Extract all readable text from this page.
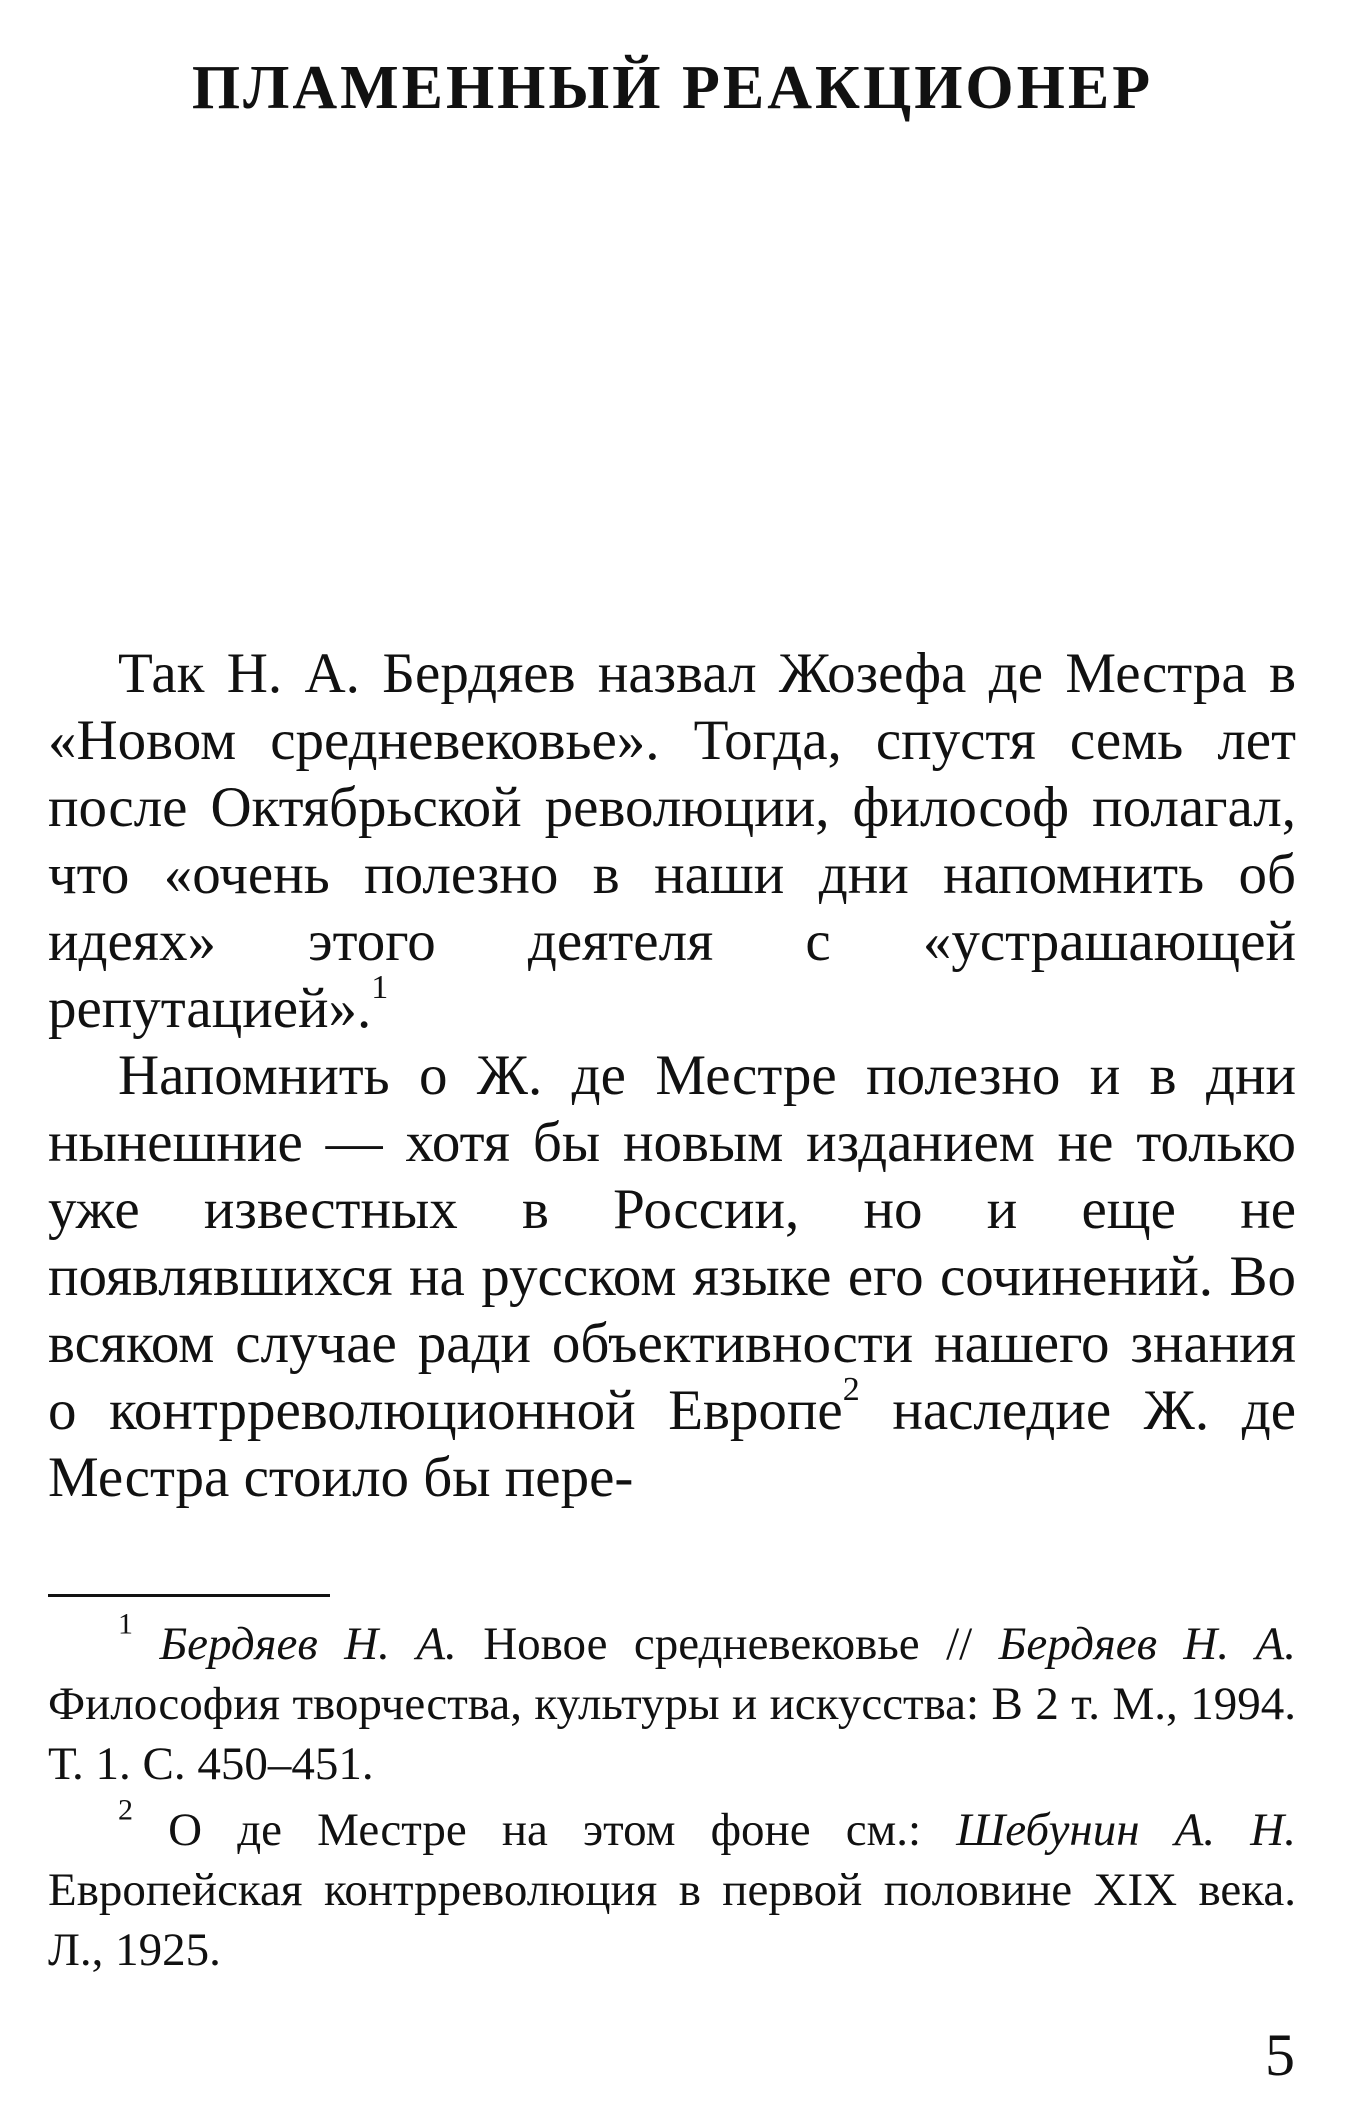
ПЛАМЕННЫЙ РЕАКЦИОНЕР

Так Н. А. Бердяев назвал Жозефа де Местра в «Новом средневековье». Тогда, спустя семь лет после Октябрьской революции, философ полагал, что «очень полезно в наши дни напомнить об идеях» этого деятеля с «устрашающей репутацией».$^1$

Напомнить о Ж. де Местре полезно и в дни нынешние — хотя бы новым изданием не только уже известных в России, но и еще не появлявшихся на русском языке его сочинений. Во всяком случае ради объективности нашего знания о контрреволюционной Европе$^2$ наследие Ж. де Местра стоило бы пере-

$^1$ Бердяев Н. А. Новое средневековье // Бердяев Н. А. Философия творчества, культуры и искусства: В 2 т. М., 1994. Т. 1. С. 450–451.

$^2$ О де Местре на этом фоне см.: Шебунин А. Н. Европейская контрреволюция в первой половине XIX века. Л., 1925.

5
